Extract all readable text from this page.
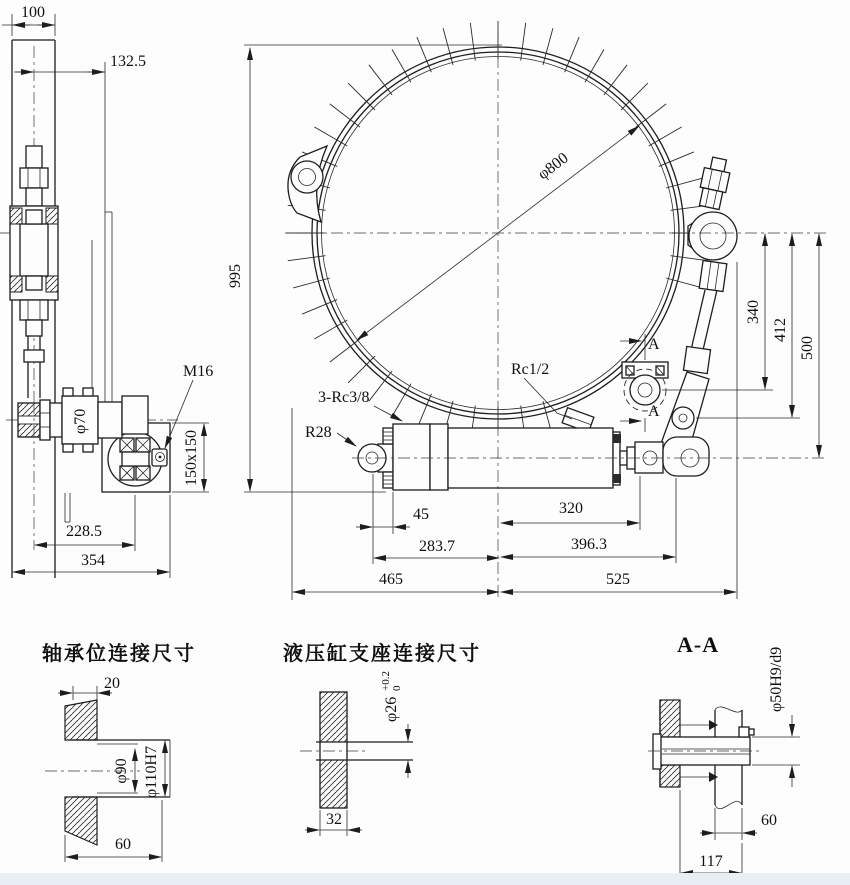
100
132.5
φ70
M16
150x150
228.5
354
φ800
A
A
3-Rc3/8
R28
Rc1/2
995
340
412
500
45
283.7
320
396.3
465	525
轴承位连接尺寸
20
φ90 φ110H7
60
液压缸支座连接尺寸
φ26
+0.2 0
32
A-A
φ50H9/d9
60
117
